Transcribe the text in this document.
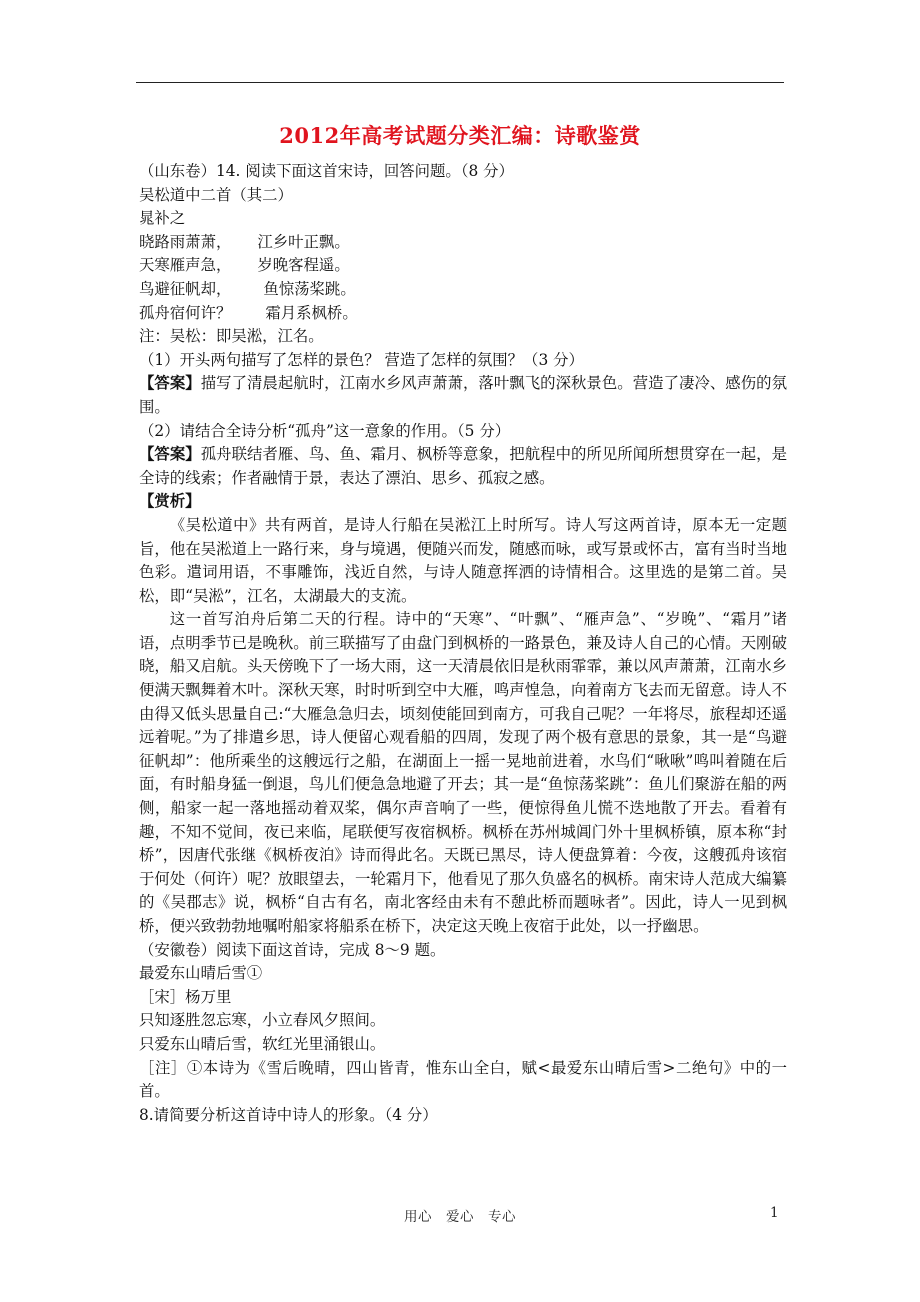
2012年高考试题分类汇编：诗歌鉴赏
（山东卷）14. 阅读下面这首宋诗，回答问题。（8 分）
吴松道中二首（其二）
晁补之
晓路雨萧萧， 江乡叶正飘。
天寒雁声急， 岁晚客程遥。
鸟避征帆却， 鱼惊荡桨跳。
孤舟宿何许？ 霜月系枫桥。
注：吴松：即吴淞，江名。
（1）开头两句描写了怎样的景色？ 营造了怎样的氛围？（3 分）
【答案】描写了清晨起航时，江南水乡风声萧萧，落叶飘飞的深秋景色。营造了凄冷、感伤的氛围。
（2）请结合全诗分析“孤舟”这一意象的作用。（5 分）
【答案】孤舟联结者雁、鸟、鱼、霜月、枫桥等意象，把航程中的所见所闻所想贯穿在一起，是全诗的线索；作者融情于景，表达了漂泊、思乡、孤寂之感。
【赏析】
《吴松道中》共有两首，是诗人行船在吴淞江上时所写。诗人写这两首诗，原本无一定题旨，他在吴淞道上一路行来，身与境遇，便随兴而发，随感而咏，或写景或怀古，富有当时当地色彩。遣词用语，不事雕饰，浅近自然，与诗人随意挥洒的诗情相合。这里选的是第二首。吴松，即“吴淞”，江名，太湖最大的支流。
这一首写泊舟后第二天的行程。诗中的“天寒”、“叶飘”、“雁声急”、“岁晚”、“霜月”诸语，点明季节已是晚秋。前三联描写了由盘门到枫桥的一路景色，兼及诗人自己的心情。天刚破晓，船又启航。头天傍晚下了一场大雨，这一天清晨依旧是秋雨霏霏，兼以风声萧萧，江南水乡便满天飘舞着木叶。深秋天寒，时时听到空中大雁，鸣声惶急，向着南方飞去而无留意。诗人不由得又低头思量自己:“大雁急急归去，顷刻使能回到南方，可我自己呢？一年将尽，旅程却还遥远着呢。”为了排遣乡思，诗人便留心观看船的四周，发现了两个极有意思的景象，其一是“鸟避征帆却”：他所乘坐的这艘远行之船，在湖面上一摇一晃地前进着，水鸟们“啾啾”鸣叫着随在后面，有时船身猛一倒退，鸟儿们便急急地避了开去；其一是“鱼惊荡桨跳”：鱼儿们聚游在船的两侧，船家一起一落地摇动着双桨，偶尔声音响了一些，便惊得鱼儿慌不迭地散了开去。看着有趣，不知不觉间，夜已来临，尾联便写夜宿枫桥。枫桥在苏州城阊门外十里枫桥镇，原本称“封桥”，因唐代张继《枫桥夜泊》诗而得此名。天既已黑尽，诗人便盘算着：今夜，这艘孤舟该宿于何处（何许）呢？放眼望去，一轮霜月下，他看见了那久负盛名的枫桥。南宋诗人范成大编纂的《吴郡志》说，枫桥“自古有名，南北客经由未有不憩此桥而题咏者”。因此，诗人一见到枫桥，便兴致勃勃地嘱咐船家将船系在桥下，决定这天晚上夜宿于此处，以一抒幽思。
（安徽卷）阅读下面这首诗，完成 8～9 题。
最爱东山晴后雪①
［宋］杨万里
只知逐胜忽忘寒，小立春风夕照间。
只爱东山晴后雪，软红光里涌银山。
［注］①本诗为《雪后晚晴，四山皆青，惟东山全白，赋<最爱东山晴后雪>二绝句》中的一 首。
8.请简要分析这首诗中诗人的形象。（4 分）
用心　爱心　专心	1
